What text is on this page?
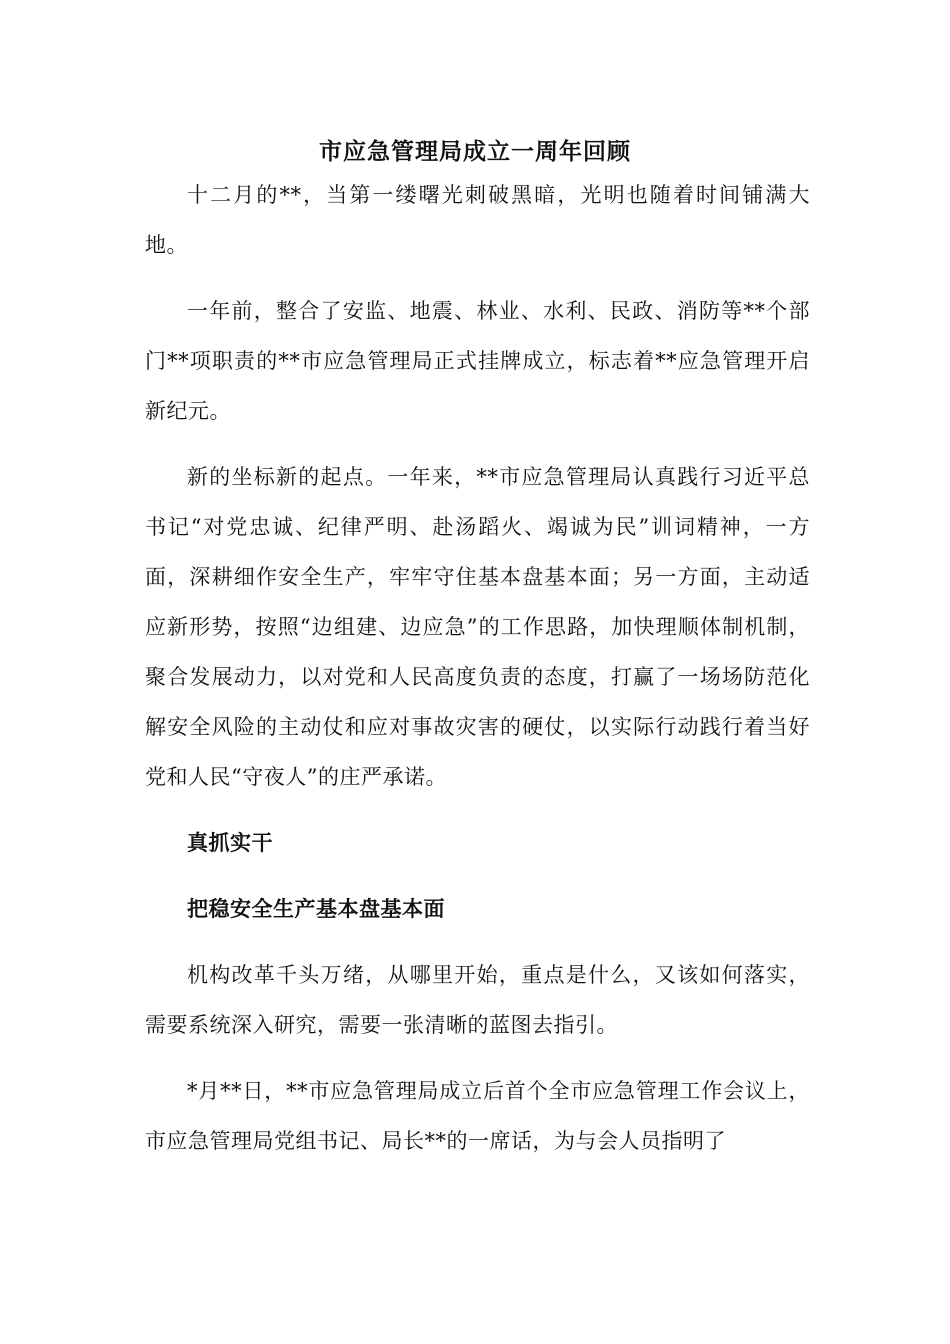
市应急管理局成立一周年回顾

十二月的**，当第一缕曙光刺破黑暗，光明也随着时间铺满大地。

一年前，整合了安监、地震、林业、水利、民政、消防等**个部门**项职责的**市应急管理局正式挂牌成立，标志着**应急管理开启新纪元。

新的坐标新的起点。一年来，**市应急管理局认真践行习近平总书记“对党忠诚、纪律严明、赴汤蹈火、竭诚为民”训词精神，一方面，深耕细作安全生产，牢牢守住基本盘基本面；另一方面，主动适应新形势，按照“边组建、边应急”的工作思路，加快理顺体制机制，聚合发展动力，以对党和人民高度负责的态度，打赢了一场场防范化解安全风险的主动仗和应对事故灾害的硬仗，以实际行动践行着当好党和人民“守夜人”的庄严承诺。

真抓实干

把稳安全生产基本盘基本面

机构改革千头万绪，从哪里开始，重点是什么，又该如何落实，需要系统深入研究，需要一张清晰的蓝图去指引。

*月**日，**市应急管理局成立后首个全市应急管理工作会议上，市应急管理局党组书记、局长**的一席话，为与会人员指明了
